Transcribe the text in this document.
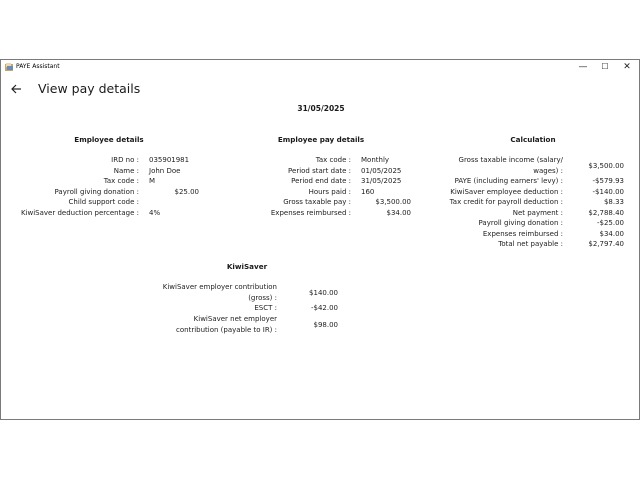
PAYE Assistant	—	☐	✕
View pay details
31/05/2025
Employee details
IRD no : 035901981
Name : John Doe
Tax code : M
Payroll giving donation :	$25.00
Child support code :
KiwiSaver deduction percentage : 4%
Employee pay details
Tax code : Monthly
Period start date : 01/05/2025
Period end date : 31/05/2025
Hours paid : 160
Gross taxable pay :	$3,500.00
Expenses reimbursed :	$34.00
Calculation
Gross taxable income (salary/
wages) :
$3,500.00
PAYE (including earners' levy) :	-$579.93
KiwiSaver employee deduction :	-$140.00
Tax credit for payroll deduction :	$8.33
Net payment :	$2,788.40
Payroll giving donation :	-$25.00
Expenses reimbursed :	$34.00
Total net payable :	$2,797.40
KiwiSaver
KiwiSaver employer contribution
(gross) :
$140.00
ESCT :	-$42.00
KiwiSaver net employer
contribution (payable to IR) :
$98.00
